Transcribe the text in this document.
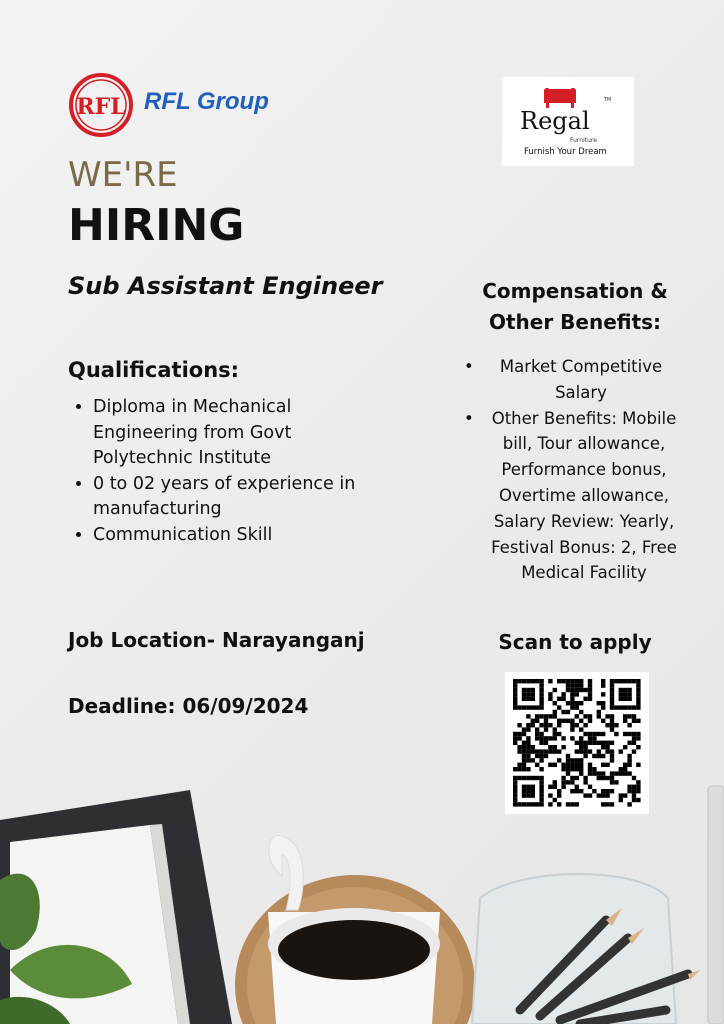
RFL RFL Group	TM
Regal
Furniture
Furnish Your Dream
WE'RE
HIRING
Sub Assistant Engineer
Qualifications:
• Diploma in Mechanical Engineering from Govt Polytechnic Institute
• 0 to 02 years of experience in manufacturing
• Communication Skill
Job Location- Narayanganj
Deadline: 06/09/2024
Compensation & Other Benefits:
• Market Competitive Salary
• Other Benefits: Mobile bill, Tour allowance, Performance bonus, Overtime allowance, Salary Review: Yearly, Festival Bonus: 2, Free Medical Facility
Scan to apply
